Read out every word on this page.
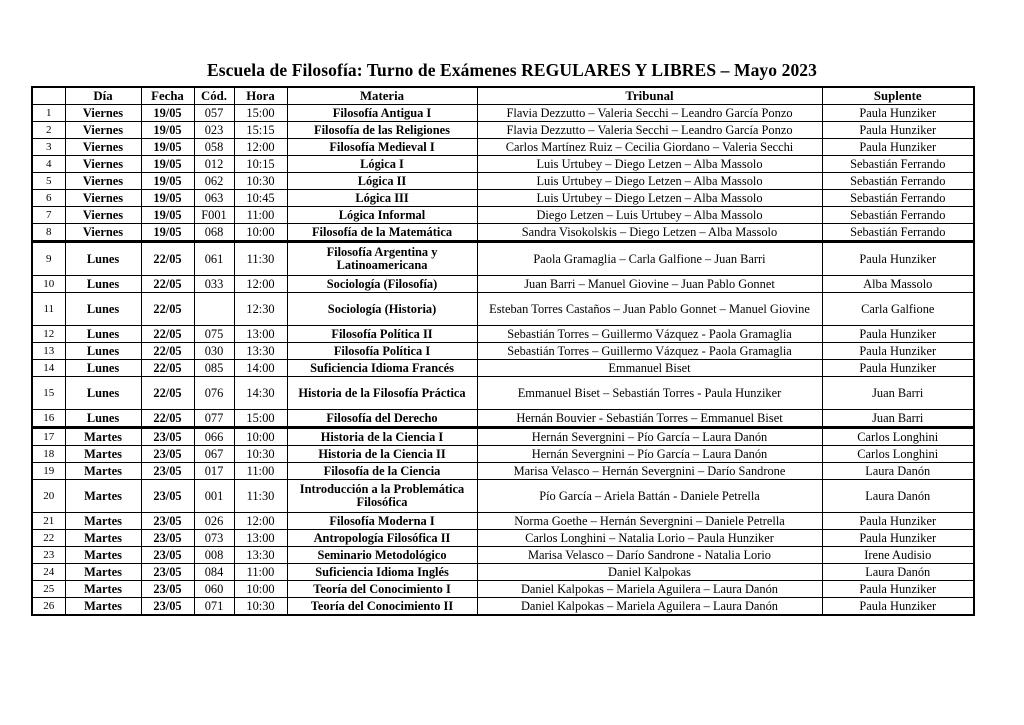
Escuela de Filosofía: Turno de Exámenes REGULARES Y LIBRES – Mayo 2023
	Día	Fecha	Cód.	Hora	Materia	Tribunal	Suplente
1	Viernes	19/05	057	15:00	Filosofía Antigua I	Flavia Dezzutto – Valeria Secchi – Leandro García Ponzo	Paula Hunziker
2	Viernes	19/05	023	15:15	Filosofía de las Religiones	Flavia Dezzutto – Valeria Secchi – Leandro García Ponzo	Paula Hunziker
3	Viernes	19/05	058	12:00	Filosofía Medieval I	Carlos Martínez Ruiz – Cecilia Giordano – Valeria Secchi	Paula Hunziker
4	Viernes	19/05	012	10:15	Lógica I	Luis Urtubey – Diego Letzen – Alba Massolo	Sebastián Ferrando
5	Viernes	19/05	062	10:30	Lógica II	Luis Urtubey – Diego Letzen – Alba Massolo	Sebastián Ferrando
6	Viernes	19/05	063	10:45	Lógica III	Luis Urtubey – Diego Letzen – Alba Massolo	Sebastián Ferrando
7	Viernes	19/05	F001	11:00	Lógica Informal	Diego Letzen – Luis Urtubey – Alba Massolo	Sebastián Ferrando
8	Viernes	19/05	068	10:00	Filosofía de la Matemática	Sandra Visokolskis – Diego Letzen – Alba Massolo	Sebastián Ferrando
9	Lunes	22/05	061	11:30	Filosofía Argentina y Latinoamericana	Paola Gramaglia – Carla Galfione – Juan Barri	Paula Hunziker
10	Lunes	22/05	033	12:00	Sociología (Filosofía)	Juan Barri – Manuel Giovine – Juan Pablo Gonnet	Alba Massolo
11	Lunes	22/05		12:30	Sociología (Historia)	Esteban Torres Castaños – Juan Pablo Gonnet – Manuel Giovine	Carla Galfione
12	Lunes	22/05	075	13:00	Filosofía Política II	Sebastián Torres – Guillermo Vázquez - Paola Gramaglia	Paula Hunziker
13	Lunes	22/05	030	13:30	Filosofía Política I	Sebastián Torres – Guillermo Vázquez - Paola Gramaglia	Paula Hunziker
14	Lunes	22/05	085	14:00	Suficiencia Idioma Francés	Emmanuel Biset	Paula Hunziker
15	Lunes	22/05	076	14:30	Historia de la Filosofía Práctica	Emmanuel Biset – Sebastián Torres - Paula Hunziker	Juan Barri
16	Lunes	22/05	077	15:00	Filosofía del Derecho	Hernán Bouvier - Sebastián Torres – Emmanuel Biset	Juan Barri
17	Martes	23/05	066	10:00	Historia de la Ciencia I	Hernán Severgnini – Pío García – Laura Danón	Carlos Longhini
18	Martes	23/05	067	10:30	Historia de la Ciencia II	Hernán Severgnini – Pío García – Laura Danón	Carlos Longhini
19	Martes	23/05	017	11:00	Filosofía de la Ciencia	Marisa Velasco – Hernán Severgnini – Darío Sandrone	Laura Danón
20	Martes	23/05	001	11:30	Introducción a la Problemática Filosófica	Pío García – Ariela Battán - Daniele Petrella	Laura Danón
21	Martes	23/05	026	12:00	Filosofía Moderna I	Norma Goethe – Hernán Severgnini – Daniele Petrella	Paula Hunziker
22	Martes	23/05	073	13:00	Antropología Filosófica II	Carlos Longhini – Natalia Lorio – Paula Hunziker	Paula Hunziker
23	Martes	23/05	008	13:30	Seminario Metodológico	Marisa Velasco – Darío Sandrone - Natalia Lorio	Irene Audisio
24	Martes	23/05	084	11:00	Suficiencia Idioma Inglés	Daniel Kalpokas	Laura Danón
25	Martes	23/05	060	10:00	Teoría del Conocimiento I	Daniel Kalpokas – Mariela Aguilera – Laura Danón	Paula Hunziker
26	Martes	23/05	071	10:30	Teoría del Conocimiento II	Daniel Kalpokas – Mariela Aguilera – Laura Danón	Paula Hunziker
